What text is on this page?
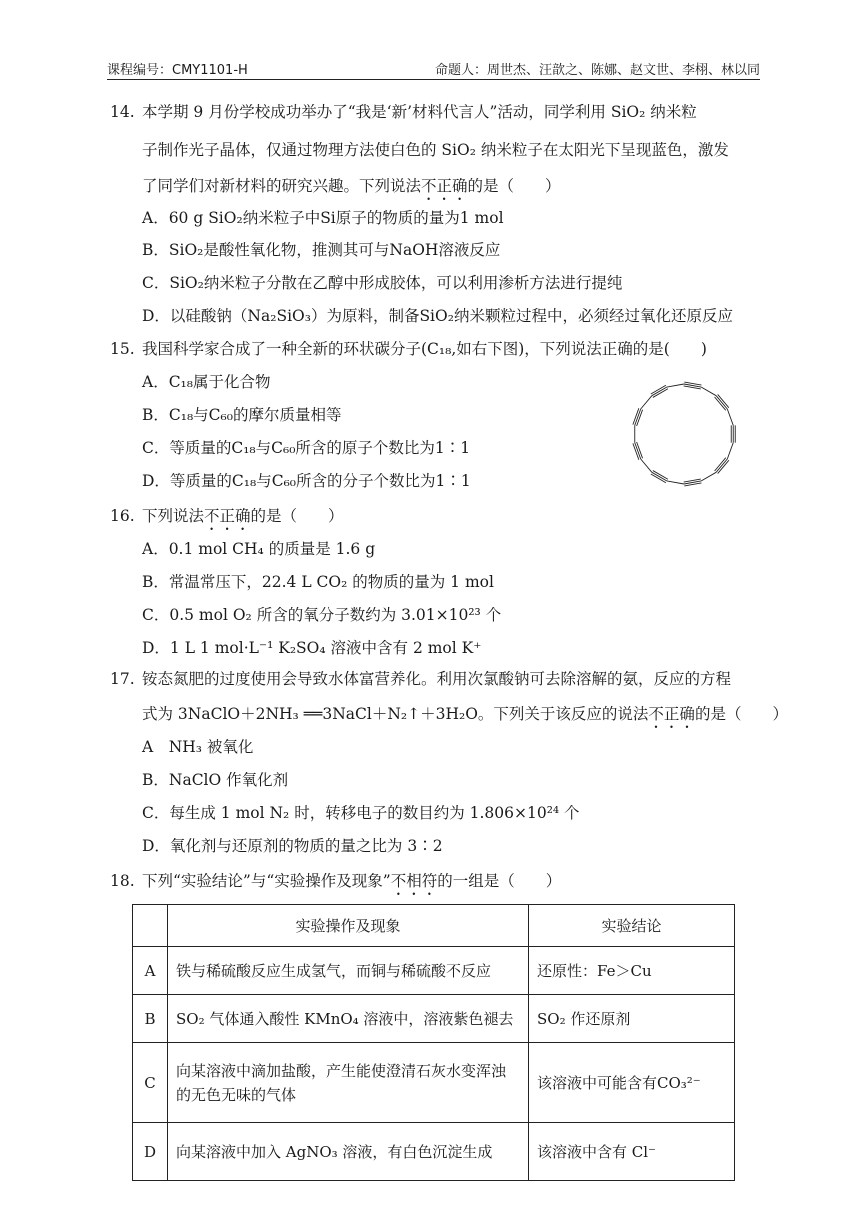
课程编号：CMY1101-H	命题人：周世杰、汪歆之、陈娜、赵文世、李栩、林以同
14. 本学期 9 月份学校成功举办了“我是‘新’材料代言人”活动，同学利用 SiO₂ 纳米粒
子制作光子晶体，仅通过物理方法使白色的 SiO₂ 纳米粒子在太阳光下呈现蓝色，激发
了同学们对新材料的研究兴趣。下列说法不正确的是（　　）
A．60 g SiO₂纳米粒子中Si原子的物质的量为1 mol
B．SiO₂是酸性氧化物，推测其可与NaOH溶液反应
C．SiO₂纳米粒子分散在乙醇中形成胶体，可以利用渗析方法进行提纯
D．以硅酸钠（Na₂SiO₃）为原料，制备SiO₂纳米颗粒过程中，必须经过氧化还原反应
15. 我国科学家合成了一种全新的环状碳分子(C₁₈,如右下图)，下列说法正确的是(　　)
A．C₁₈属于化合物
B．C₁₈与C₆₀的摩尔质量相等
C．等质量的C₁₈与C₆₀所含的原子个数比为1∶1
D．等质量的C₁₈与C₆₀所含的分子个数比为1∶1
16. 下列说法不正确的是（　　）
A．0.1 mol CH₄ 的质量是 1.6 g
B．常温常压下，22.4 L CO₂ 的物质的量为 1 mol
C．0.5 mol O₂ 所含的氧分子数约为 3.01×10²³ 个
D．1 L 1 mol·L⁻¹ K₂SO₄ 溶液中含有 2 mol K⁺
17. 铵态氮肥的过度使用会导致水体富营养化。利用次氯酸钠可去除溶解的氨，反应的方程
式为 3NaClO＋2NH₃ ══3NaCl＋N₂↑＋3H₂O。下列关于该反应的说法不正确的是（　　）
A　NH₃ 被氧化
B．NaClO 作氧化剂
C．每生成 1 mol N₂ 时，转移电子的数目约为 1.806×10²⁴ 个
D．氧化剂与还原剂的物质的量之比为 3∶2
18. 下列“实验结论”与“实验操作及现象”不相符的一组是（　　）
	实验操作及现象	实验结论
A	铁与稀硫酸反应生成氢气，而铜与稀硫酸不反应	还原性：Fe＞Cu
B	SO₂ 气体通入酸性 KMnO₄ 溶液中，溶液紫色褪去	SO₂ 作还原剂
C	向某溶液中滴加盐酸，产生能使澄清石灰水变浑浊的无色无味的气体	该溶液中可能含有CO₃²⁻
D	向某溶液中加入 AgNO₃ 溶液，有白色沉淀生成	该溶液中含有 Cl⁻
